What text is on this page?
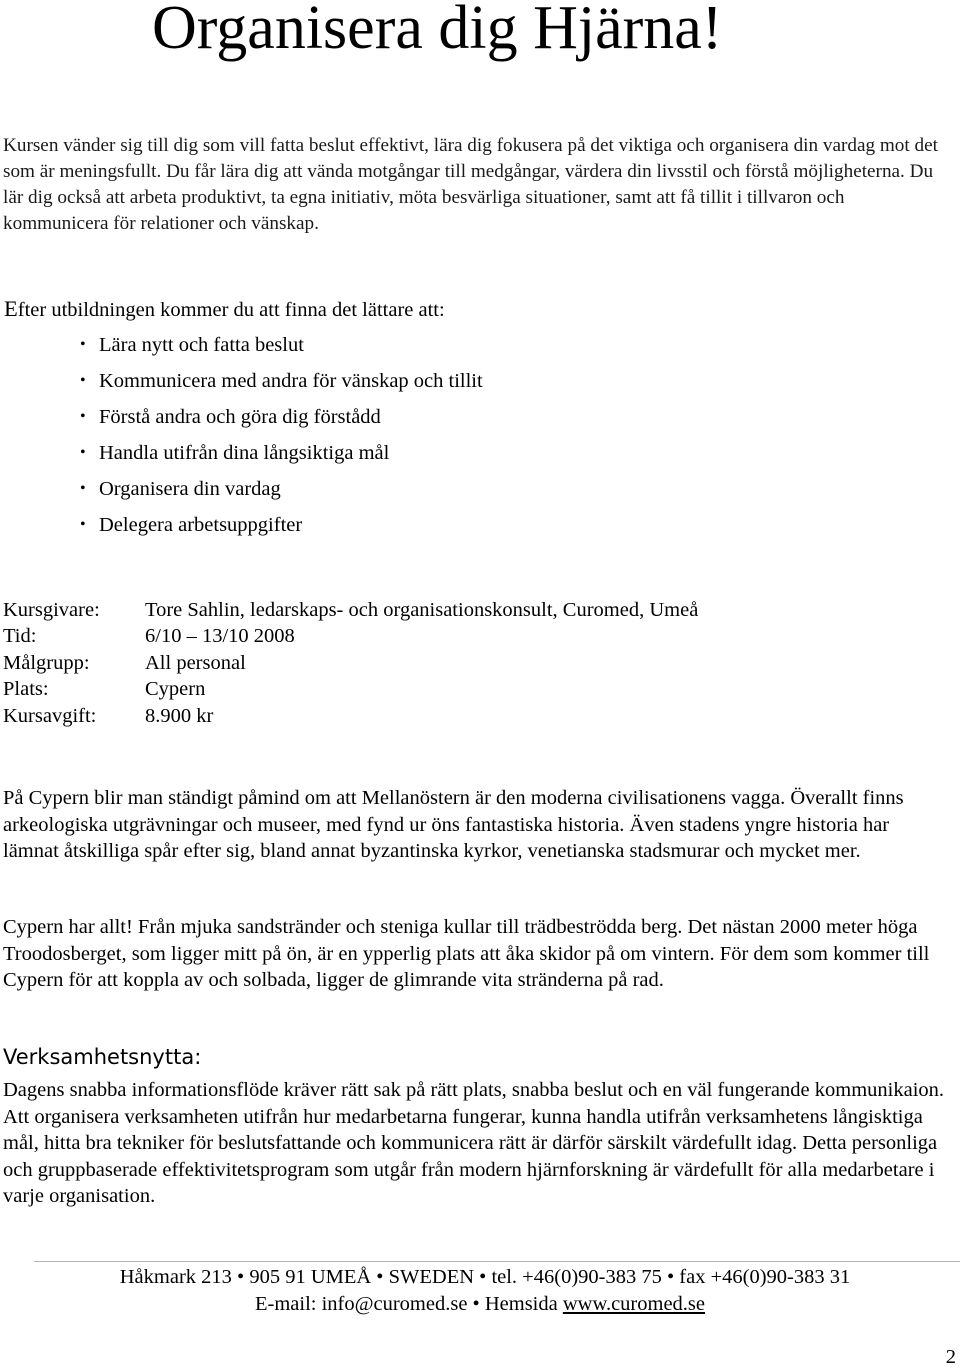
Organisera dig Hjärna!

Kursen vänder sig till dig som vill fatta beslut effektivt, lära dig fokusera på det viktiga och organisera din vardag mot det som är meningsfullt. Du får lära dig att vända motgångar till medgångar, värdera din livsstil och förstå möjligheterna. Du lär dig också att arbeta produktivt, ta egna initiativ, möta besvärliga situationer, samt att få tillit i tillvaron och kommunicera för relationer och vänskap.

Efter utbildningen kommer du att finna det lättare att:

• Lära nytt och fatta beslut
• Kommunicera med andra för vänskap och tillit
• Förstå andra och göra dig förstådd
• Handla utifrån dina långsiktiga mål
• Organisera din vardag
• Delegera arbetsuppgifter
Kursgivare: Tore Sahlin, ledarskaps- och organisationskonsult, Curomed, Umeå
Tid:	6/10 – 13/10 2008
Målgrupp:	All personal
Plats:	Cypern
Kursavgift: 8.900 kr

På Cypern blir man ständigt påmind om att Mellanöstern är den moderna civilisationens vagga. Överallt finns arkeologiska utgrävningar och museer, med fynd ur öns fantastiska historia. Även stadens yngre historia har lämnat åtskilliga spår efter sig, bland annat byzantinska kyrkor, venetianska stadsmurar och mycket mer.

Cypern har allt! Från mjuka sandstränder och steniga kullar till trädbeströdda berg. Det nästan 2000 meter höga Troodosberget, som ligger mitt på ön, är en ypperlig plats att åka skidor på om vintern. För dem som kommer till Cypern för att koppla av och solbada, ligger de glimrande vita stränderna på rad.

Verksamhetsnytta:

Dagens snabba informationsflöde kräver rätt sak på rätt plats, snabba beslut och en väl fungerande kommunikaion. Att organisera verksamheten utifrån hur medarbetarna fungerar, kunna handla utifrån verksamhetens långisktiga mål, hitta bra tekniker för beslutsfattande och kommunicera rätt är därför särskilt värdefullt idag. Detta personliga och gruppbaserade effektivitetsprogram som utgår från modern hjärnforskning är värdefullt för alla medarbetare i varje organisation.

Håkmark 213 • 905 91 UMEÅ • SWEDEN • tel. +46(0)90-383 75 • fax +46(0)90-383 31
E-mail: info@curomed.se • Hemsida www.curomed.se
2
